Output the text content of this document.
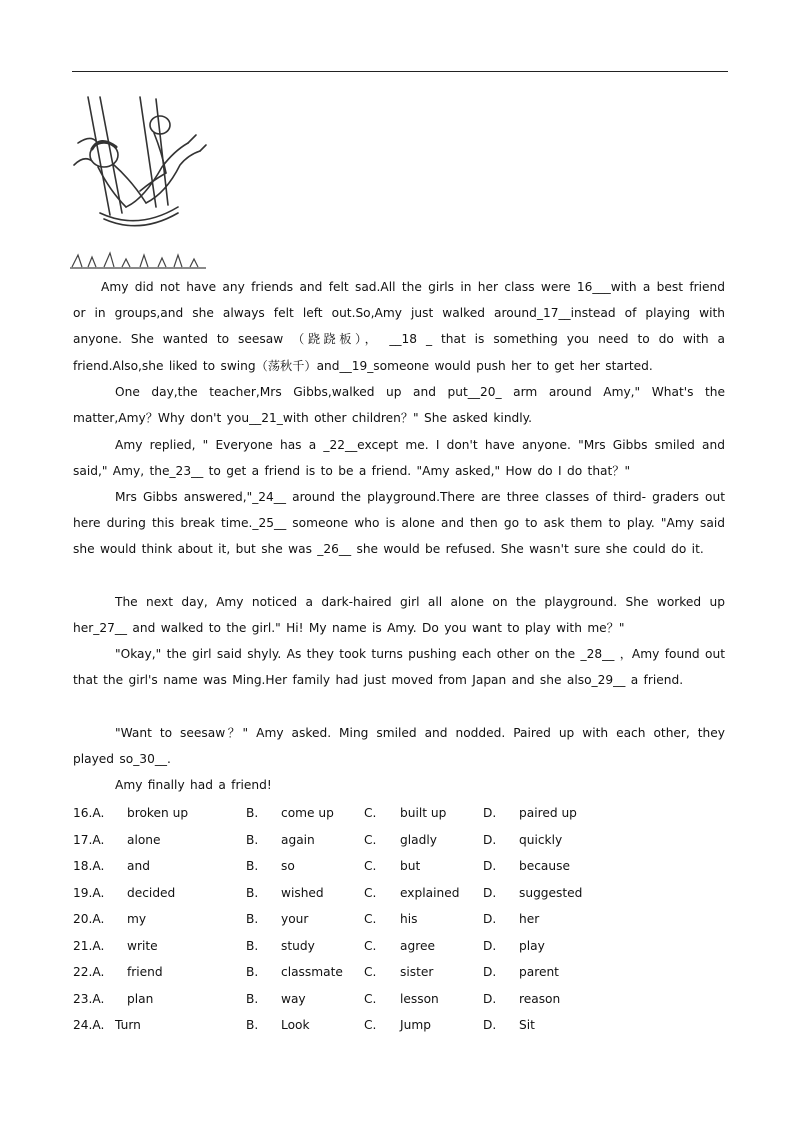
Amy did not have any friends and felt sad.All the girls in her class were 16___with a best friend or in groups,and she always felt left out.So,Amy just walked around_17__instead of playing with anyone. She wanted to seesaw （跷跷板）， __18 _ that is something you need to do with a friend.Also,she liked to swing（荡秋千）and__19_someone would push her to get her started.
One day,the teacher,Mrs Gibbs,walked up and put__20_ arm around Amy," What's the matter,Amy？Why don't you__21_with other children？" She asked kindly.
Amy replied, " Everyone has a _22__except me. I don't have anyone. "Mrs Gibbs smiled and said," Amy, the_23__ to get a friend is to be a friend. "Amy asked," How do I do that？"
Mrs Gibbs answered,"_24__ around the playground.There are three classes of third- graders out here during this break time._25__ someone who is alone and then go to ask them to play. "Amy said she would think about it, but she was _26__ she would be refused. She wasn't sure she could do it.
The next day, Amy noticed a dark-haired girl all alone on the playground. She worked up her_27__ and walked to the girl." Hi! My name is Amy. Do you want to play with me？"
"Okay," the girl said shyly. As they took turns pushing each other on the _28__ ，Amy found out that the girl's name was Ming.Her family had just moved from Japan and she also_29__ a friend.
"Want to seesaw？" Amy asked. Ming smiled and nodded. Paired up with each other, they played so_30__.
Amy finally had a friend!
16.A. broken up	B. come up C. built up	D. paired up
17.A. alone	B. again	C. gladly	D. quickly
18.A. and	B. so	C. but	D. because
19.A. decided	B. wished	C. explained D. suggested
20.A. my	B. your	C. his	D. her
21.A. write	B. study	C. agree	D. play
22.A. friend	B. classmate C. sister	D. parent
23.A. plan	B. way	C. lesson	D. reason
24.A. Turn	B. Look	C. Jump	D. Sit
